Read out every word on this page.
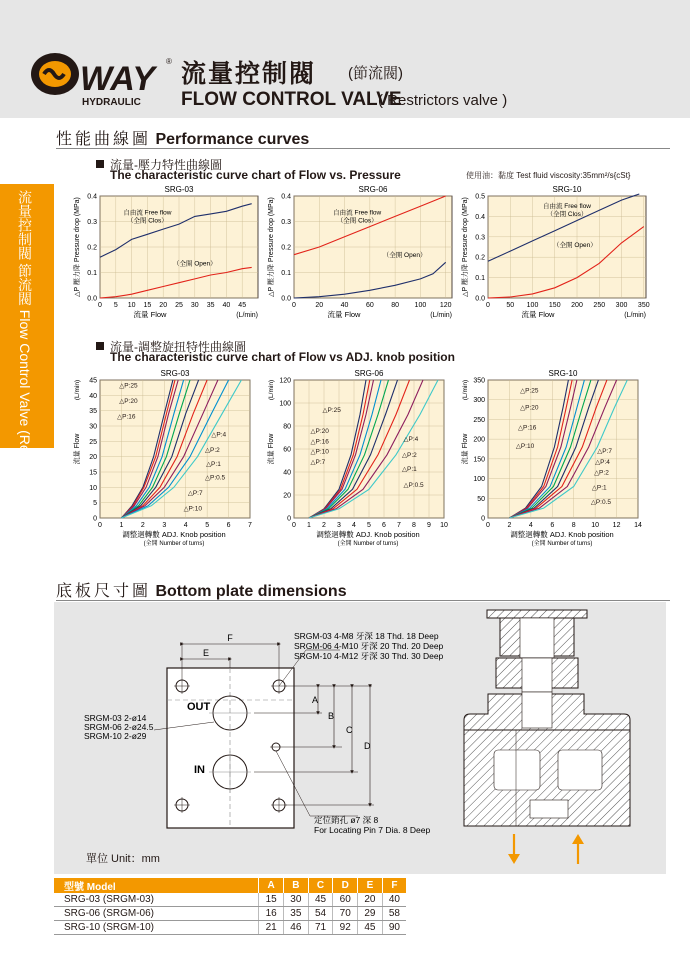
WAY
HYDRAULIC
® 流量控制閥 (節流閥)
FLOW CONTROL VALVE
( Restrictors valve )
流量控制閥 節流閥 Flow Control Valve (Restrictors valve)
性能曲線圖 Performance curves
流量-壓力特性曲線圖
The characteristic curve chart of Flow vs. Pressure	使用油：黏度 Test fluid viscosity:35mm²/s{cSt}
SRG-03
0.0
0.1
0.2
0.3
0.4
0 5 10 15 20 25 30 35 40 45
△P 壓力降 Pressure drop (MPa)
流量 Flow	(L/min)
自由流 Free flow
（全閉 Clos）
（全開 Open）
SRG-06
0.0
0.1
0.2
0.3
0.4
0	20 40 60 80 100 120
△P 壓力降 Pressure drop (MPa)
流量 Flow	(L/min)
自由流 Free flow
（全閉 Clos）
（全開 Open）
SRG-10
0.0
0.1
0.2
0.3
0.4
0.5
0 50 100 150 200 250 300 350
△P 壓力降 Pressure drop (MPa)
流量 Flow	(L/min)
自由流 Free flow
（全閉 Clos）
（全開 Open）
流量-調整旋扭特性曲線圖
The characteristic curve chart of Flow vs ADJ. knob position
SRG-03
0
5
10
15
20
25
30
35
40
45
0	1	2	3	4	5	6	7
流量 Flow
(L/min)
調整迴轉數 ADJ. Knob position
(全開 Number of turns)
△P:25
△P:20
△P:16
△P:4
△P:2
△P:1
△P:0.5
△P:7
△P:10
SRG-06
0
20
40
60
80
100
120
0 1 2 3 4 5 6 7 8 9 10
流量 Flow
(L/min)
調整迴轉數 ADJ. Knob position
(全開 Number of turns)
△P:25
△P:20
△P:16
△P:10
△P:7
△P:4
△P:2
△P:1
△P:0.5
SRG-10
0
50
100
150
200
250
300
350
0	2	4	6	8 10 12 14
流量 Flow
(L/min)
調整迴轉數 ADJ. Knob position
(全開 Number of turns)
△P:25
△P:20
△P:16
△P:10
△P:7
△P:4
△P:2
△P:1
△P:0.5
底板尺寸圖 Bottom plate dimensions
OUT
IN
F
E
A
B
C
D
SRGM-03 4-M8 牙深 18 Thd. 18 Deep
SRGM-06 4-M10 牙深 20 Thd. 20 Deep
SRGM-10 4-M12 牙深 30 Thd. 30 Deep
SRGM-03 2-ø14
SRGM-06 2-ø24.5
SRGM-10 2-ø29
定位銷孔 ø7 深 8
For Locating Pin 7 Dia. 8 Deep
單位 Unit：mm
型號 Model	A	B	C	D	E	F
SRG-03 (SRGM-03)	15	30	45	60	20	40
SRG-06 (SRGM-06)	16	35	54	70	29	58
SRG-10 (SRGM-10)	21	46	71	92	45	90
